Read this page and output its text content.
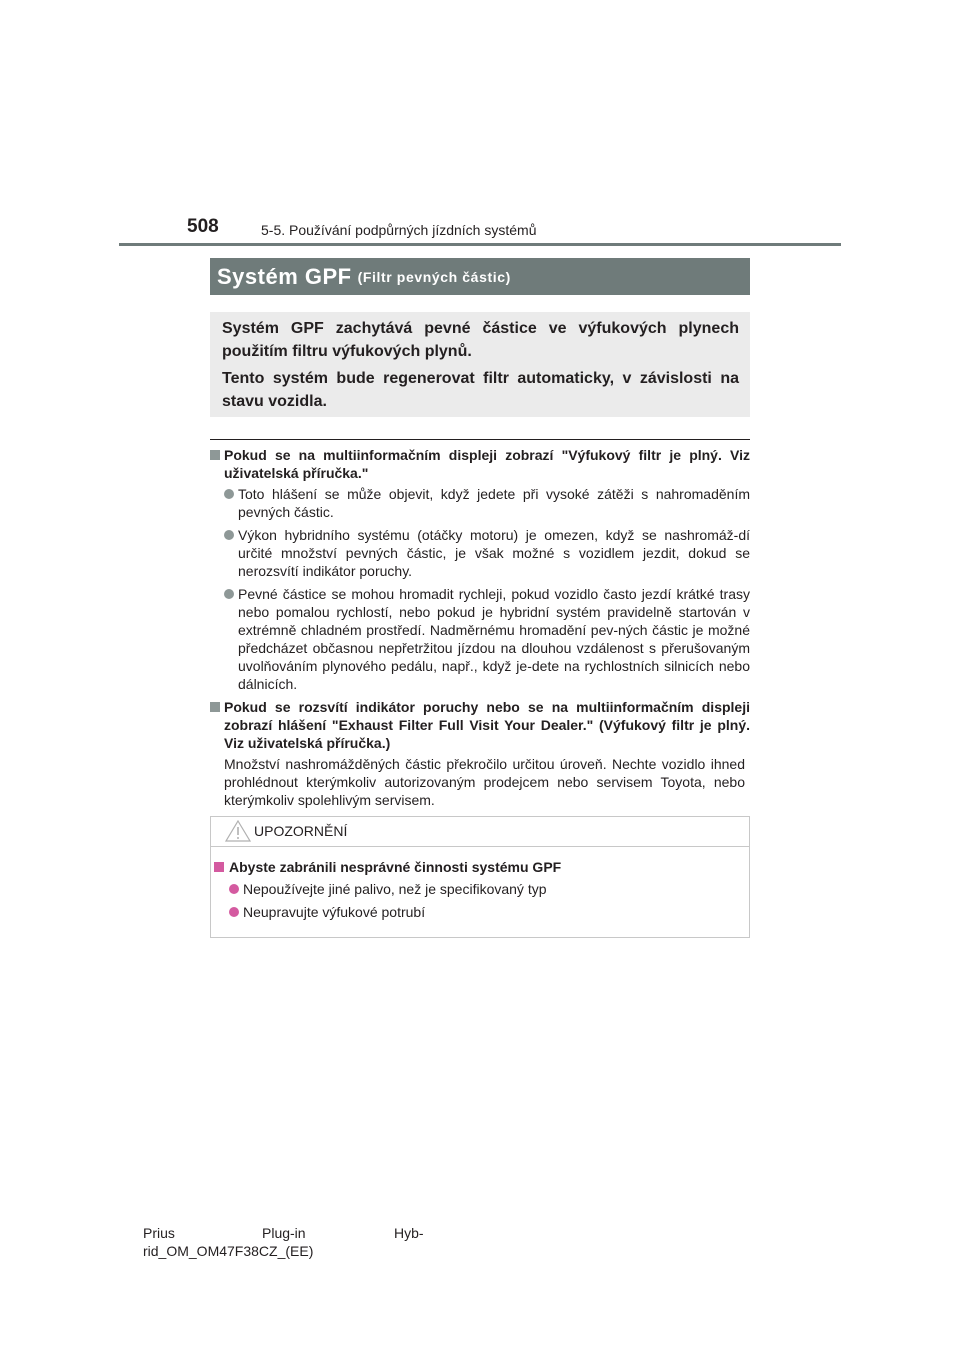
508	5-5. Používání podpůrných jízdních systémů
Systém GPF (Filtr pevných částic)

Systém GPF zachytává pevné částice ve výfukových plynech použitím filtru výfukových plynů.

Tento systém bude regenerovat filtr automaticky, v závislosti na stavu vozidla.

Pokud se na multiinformačním displeji zobrazí "Výfukový filtr je plný. Viz uživatelská příručka."
Toto hlášení se může objevit, když jedete při vysoké zátěži s nahromaděním pevných částic.
Výkon hybridního systému (otáčky motoru) je omezen, když se nashromáž-dí určité množství pevných částic, je však možné s vozidlem jezdit, dokud se nerozsvítí indikátor poruchy.
Pevné částice se mohou hromadit rychleji, pokud vozidlo často jezdí krátké trasy nebo pomalou rychlostí, nebo pokud je hybridní systém pravidelně startován v extrémně chladném prostředí. Nadměrnému hromadění pev-ných částic je možné předcházet občasnou nepřetržitou jízdou na dlouhou vzdálenost s přerušovaným uvolňováním plynového pedálu, např., když je-dete na rychlostních silnicích nebo dálnicích.
Pokud se rozsvítí indikátor poruchy nebo se na multiinformačním displeji zobrazí hlášení "Exhaust Filter Full Visit Your Dealer." (Výfukový filtr je plný. Viz uživatelská příručka.)
Množství nashromážděných částic překročilo určitou úroveň. Nechte vozidlo ihned prohlédnout kterýmkoliv autorizovaným prodejcem nebo servisem Toyota, nebo kterýmkoliv spolehlivým servisem.
UPOZORNĚNÍ
Abyste zabránili nesprávné činnosti systému GPF
Nepoužívejte jiné palivo, než je specifikovaný typ
Neupravujte výfukové potrubí
Prius	Plug-in	Hyb-
rid_OM_OM47F38CZ_(EE)
